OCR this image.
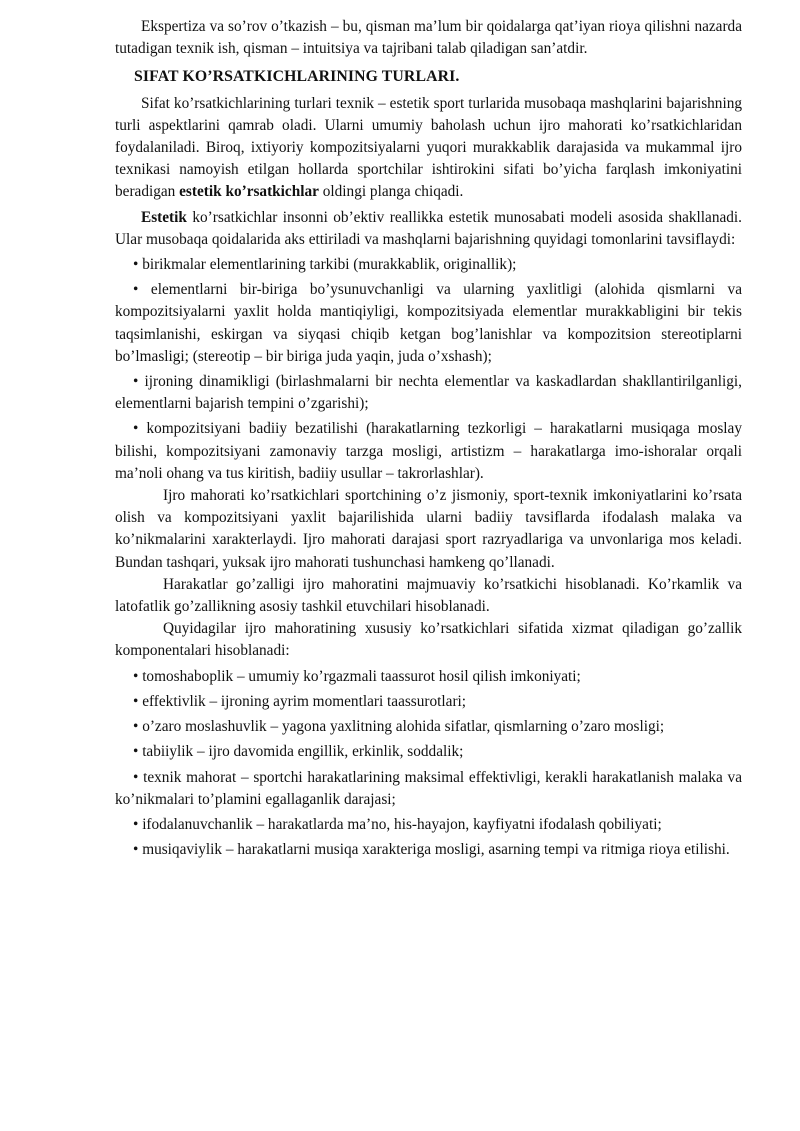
Ekspertiza va so’rov o’tkazish – bu, qisman ma’lum bir qoidalarga qat’iyan rioya qilishni nazarda tutadigan texnik ish, qisman – intuitsiya va tajribani talab qiladigan san’atdir.

SIFAT KO’RSATKICHLARINING TURLARI.

Sifat ko’rsatkichlarining turlari texnik – estetik sport turlarida musobaqa mashqlarini bajarishning turli aspektlarini qamrab oladi. Ularni umumiy baholash uchun ijro mahorati ko’rsatkichlaridan foydalaniladi. Biroq, ixtiyoriy kompozitsiyalarni yuqori murakkablik darajasida va mukammal ijro texnikasi namoyish etilgan hollarda sportchilar ishtirokini sifati bo’yicha farqlash imkoniyatini beradigan estetik ko’rsatkichlar oldingi planga chiqadi.

Estetik ko’rsatkichlar insonni ob’ektiv reallikka estetik munosabati modeli asosida shakllanadi. Ular musobaqa qoidalarida aks ettiriladi va mashqlarni bajarishning quyidagi tomonlarini tavsiflaydi:

• birikmalar elementlarining tarkibi (murakkablik, originallik);

• elementlarni bir-biriga bo’ysunuvchanligi va ularning yaxlitligi (alohida qismlarni va kompozitsiyalarni yaxlit holda mantiqiyligi, kompozitsiyada elementlar murakkabligini bir tekis taqsimlanishi, eskirgan va siyqasi chiqib ketgan bog’lanishlar va kompozitsion stereotiplarni bo’lmasligi; (stereotip – bir biriga juda yaqin, juda o’xshash);

• ijroning dinamikligi (birlashmalarni bir nechta elementlar va kaskadlardan shakllantirilganligi, elementlarni bajarish tempini o’zgarishi);

• kompozitsiyani badiiy bezatilishi (harakatlarning tezkorligi – harakatlarni musiqaga moslay bilishi, kompozitsiyani zamonaviy tarzga mosligi, artistizm – harakatlarga imo-ishoralar orqali ma’noli ohang va tus kiritish, badiiy usullar – takrorlashlar).

Ijro mahorati ko’rsatkichlari sportchining o’z jismoniy, sport-texnik imkoniyatlarini ko’rsata olish va kompozitsiyani yaxlit bajarilishida ularni badiiy tavsiflarda ifodalash malaka va ko’nikmalarini xarakterlaydi. Ijro mahorati darajasi sport razryadlariga va unvonlariga mos keladi. Bundan tashqari, yuksak ijro mahorati tushunchasi hamkeng qo’llanadi.

Harakatlar go’zalligi ijro mahoratini majmuaviy ko’rsatkichi hisoblanadi. Ko’rkamlik va latofatlik go’zallikning asosiy tashkil etuvchilari hisoblanadi.

Quyidagilar ijro mahoratining xususiy ko’rsatkichlari sifatida xizmat qiladigan go’zallik komponentalari hisoblanadi:

• tomoshaboplik – umumiy ko’rgazmali taassurot hosil qilish imkoniyati;

• effektivlik – ijroning ayrim momentlari taassurotlari;

• o’zaro moslashuvlik – yagona yaxlitning alohida sifatlar, qismlarning o’zaro mosligi;

• tabiiylik – ijro davomida engillik, erkinlik, soddalik;

• texnik mahorat – sportchi harakatlarining maksimal effektivligi, kerakli harakatlanish malaka va ko’nikmalari to’plamini egallaganlik darajasi;

• ifodalanuvchanlik – harakatlarda ma’no, his-hayajon, kayfiyatni ifodalash qobiliyati;

• musiqaviylik – harakatlarni musiqa xarakteriga mosligi, asarning tempi va ritmiga rioya etilishi.
